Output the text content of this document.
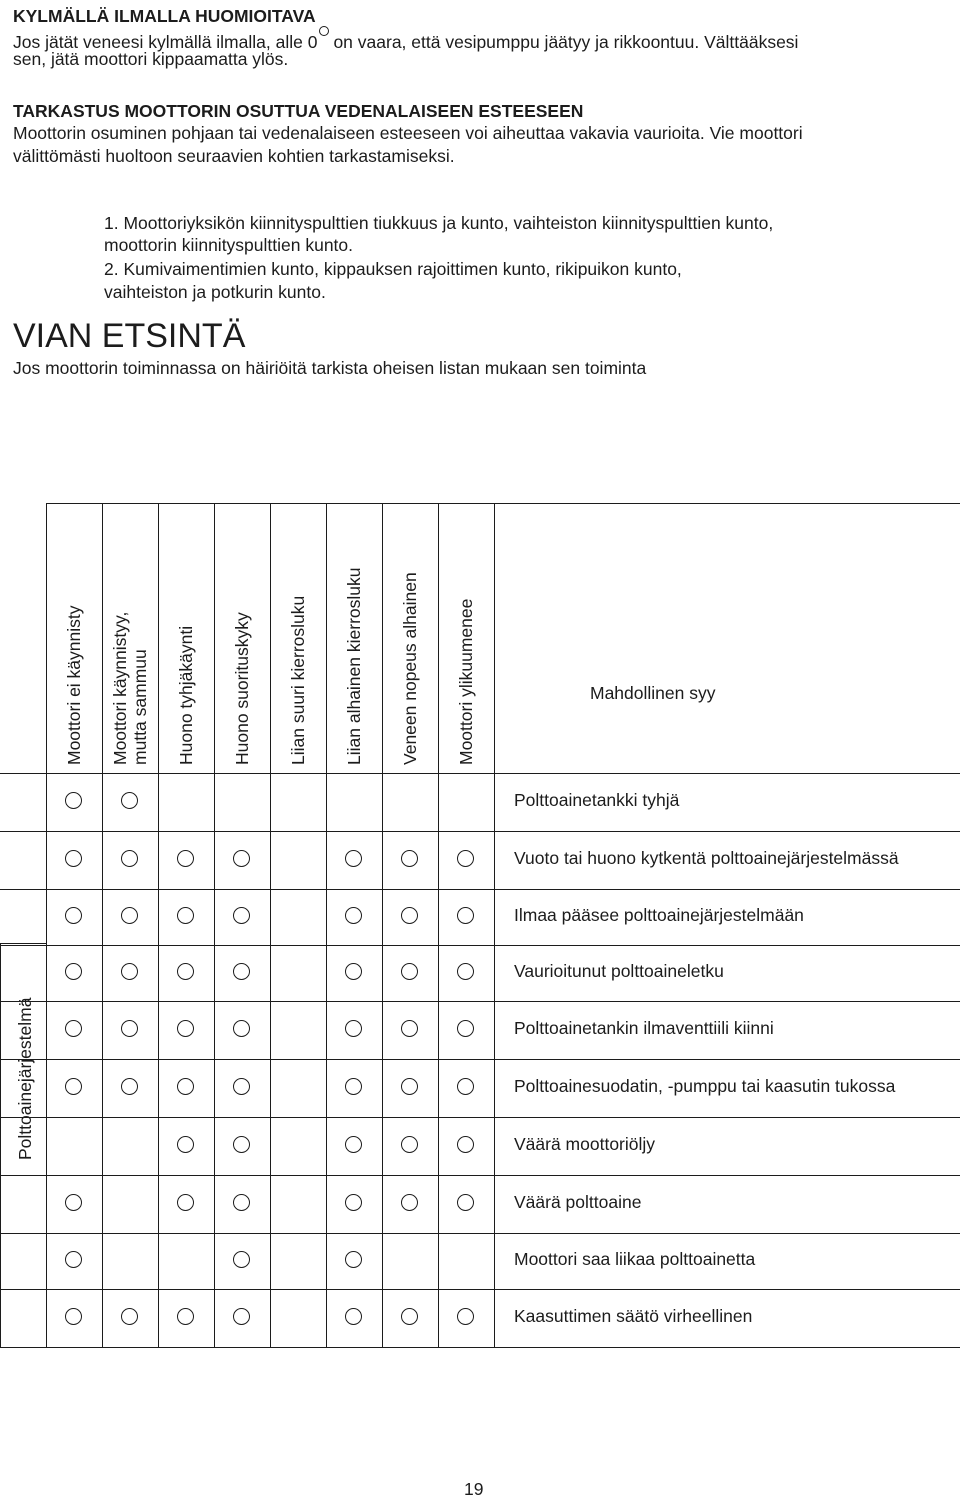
KYLMÄLLÄ ILMALLA HUOMIOITAVA
Jos jätät veneesi kylmällä ilmalla, alle 0 on vaara, että vesipumppu jäätyy ja rikkoontuu. Välttääksesi
sen, jätä moottori kippaamatta ylös.
TARKASTUS MOOTTORIN OSUTTUA VEDENALAISEEN ESTEESEEN
Moottorin osuminen pohjaan tai vedenalaiseen esteeseen voi aiheuttaa vakavia vaurioita. Vie moottori
välittömästi huoltoon seuraavien kohtien tarkastamiseksi.
1. Moottoriyksikön kiinnityspulttien tiukkuus ja kunto, vaihteiston kiinnityspulttien kunto,
moottorin kiinnityspulttien kunto.
2. Kumivaimentimien kunto, kippauksen rajoittimen kunto, rikipuikon kunto,
vaihteiston ja potkurin kunto.
VIAN ETSINTÄ
Jos moottorin toiminnassa on häiriöitä tarkista oheisen listan mukaan sen toiminta
Polttoainejärjestelmä
Moottori ei käynnisty Moottori käynnistyy, mutta sammuu Huono tyhjäkäynti Huono suorituskyky Liian suuri kierrosluku Liian alhainen kierrosluku Veneen nopeus alhainen Moottori ylikuumenee	Mahdollinen syy
Polttoainetankki tyhjä
Vuoto tai huono kytkentä polttoainejärjestelmässä
Ilmaa pääsee polttoainejärjestelmään
Vaurioitunut polttoaineletku
Polttoainetankin ilmaventtiili kiinni
Polttoainesuodatin, -pumppu tai kaasutin tukossa
Väärä moottoriöljy
Väärä polttoaine
Moottori saa liikaa polttoainetta
Kaasuttimen säätö virheellinen
19
